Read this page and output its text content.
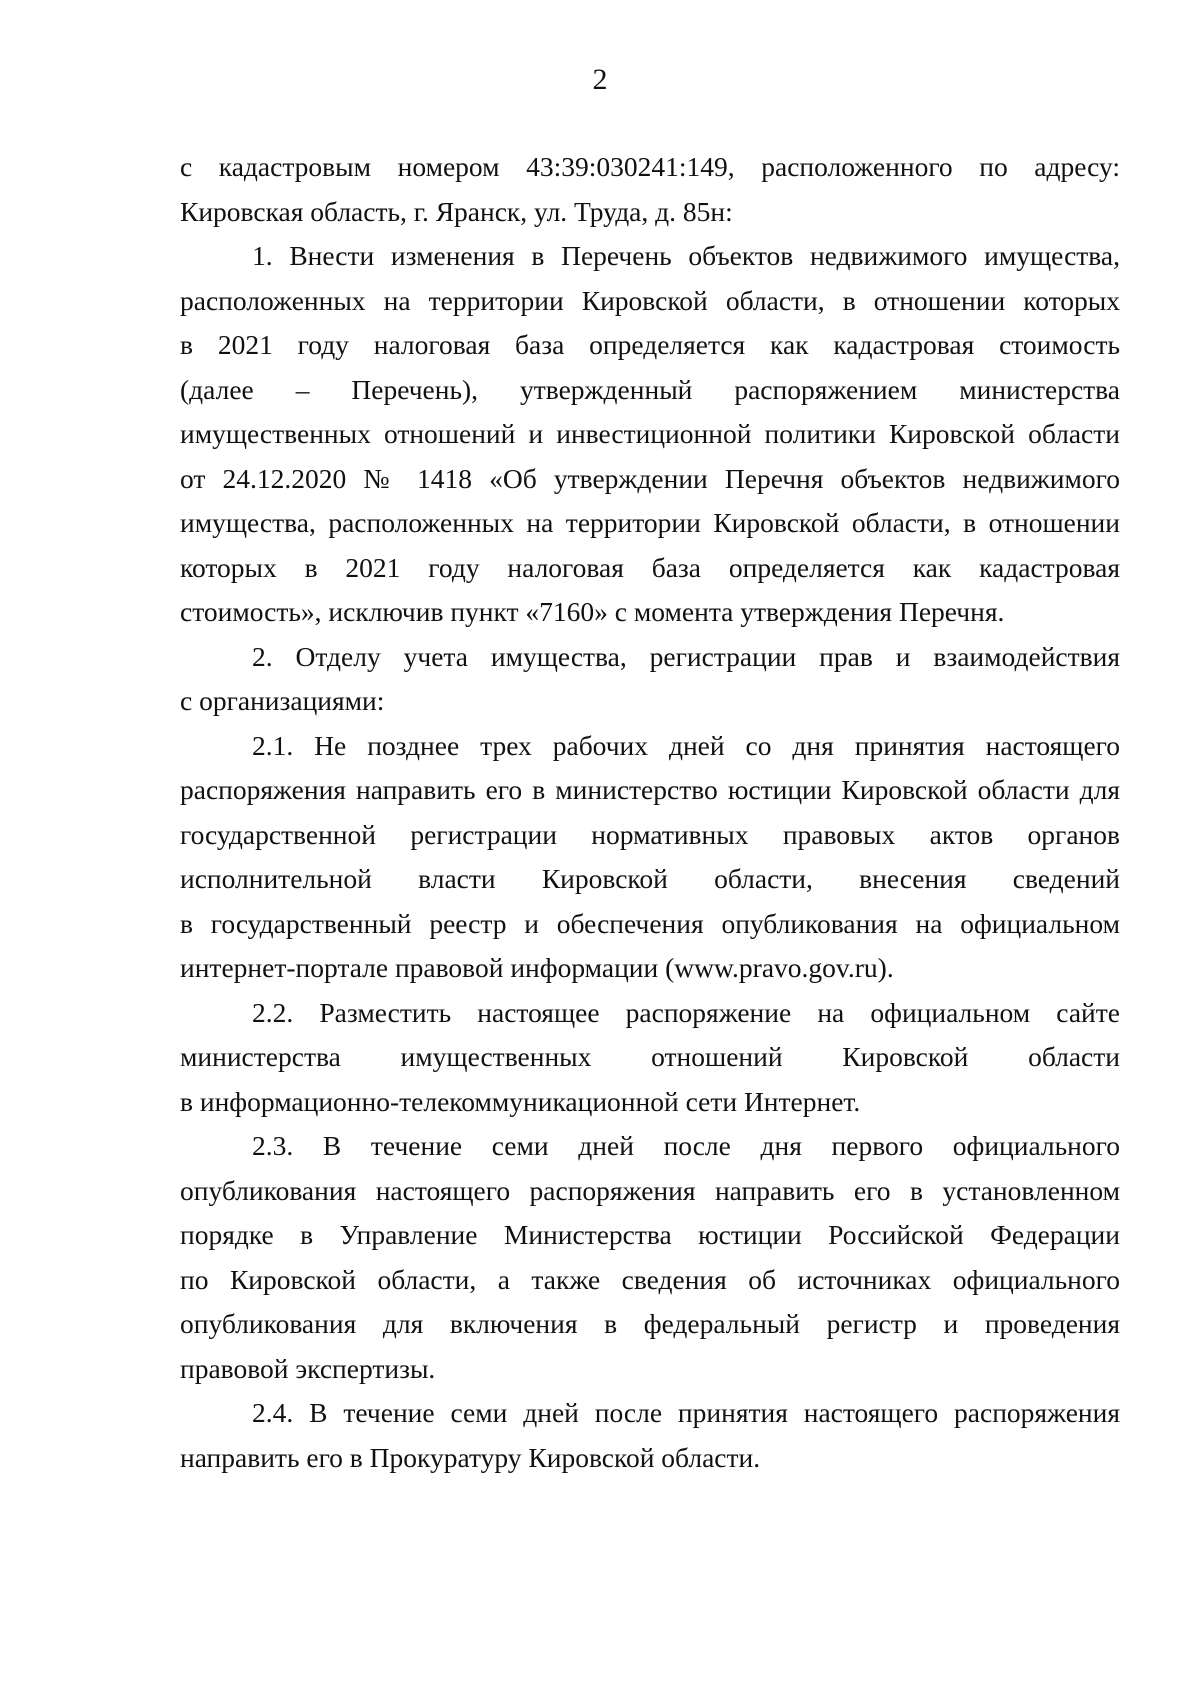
2
с кадастровым номером 43:39:030241:149, расположенного по адресу:
Кировская область, г. Яранск, ул. Труда, д. 85н:
1. Внести изменения в Перечень объектов недвижимого имущества,
расположенных на территории Кировской области, в отношении которых
в 2021 году налоговая база определяется как кадастровая стоимость
(далее – Перечень), утвержденный распоряжением министерства
имущественных отношений и инвестиционной политики Кировской области
от 24.12.2020 № 1418 «Об утверждении Перечня объектов недвижимого
имущества, расположенных на территории Кировской области, в отношении
которых в 2021 году налоговая база определяется как кадастровая
стоимость», исключив пункт «7160» с момента утверждения Перечня.
2. Отделу учета имущества, регистрации прав и взаимодействия
с организациями:
2.1. Не позднее трех рабочих дней со дня принятия настоящего
распоряжения направить его в министерство юстиции Кировской области для
государственной регистрации нормативных правовых актов органов
исполнительной власти Кировской области, внесения сведений
в государственный реестр и обеспечения опубликования на официальном
интернет-портале правовой информации (www.pravo.gov.ru).
2.2. Разместить настоящее распоряжение на официальном сайте
министерства имущественных отношений Кировской области
в информационно-телекоммуникационной сети Интернет.
2.3. В течение семи дней после дня первого официального
опубликования настоящего распоряжения направить его в установленном
порядке в Управление Министерства юстиции Российской Федерации
по Кировской области, а также сведения об источниках официального
опубликования для включения в федеральный регистр и проведения
правовой экспертизы.
2.4. В течение семи дней после принятия настоящего распоряжения
направить его в Прокуратуру Кировской области.
